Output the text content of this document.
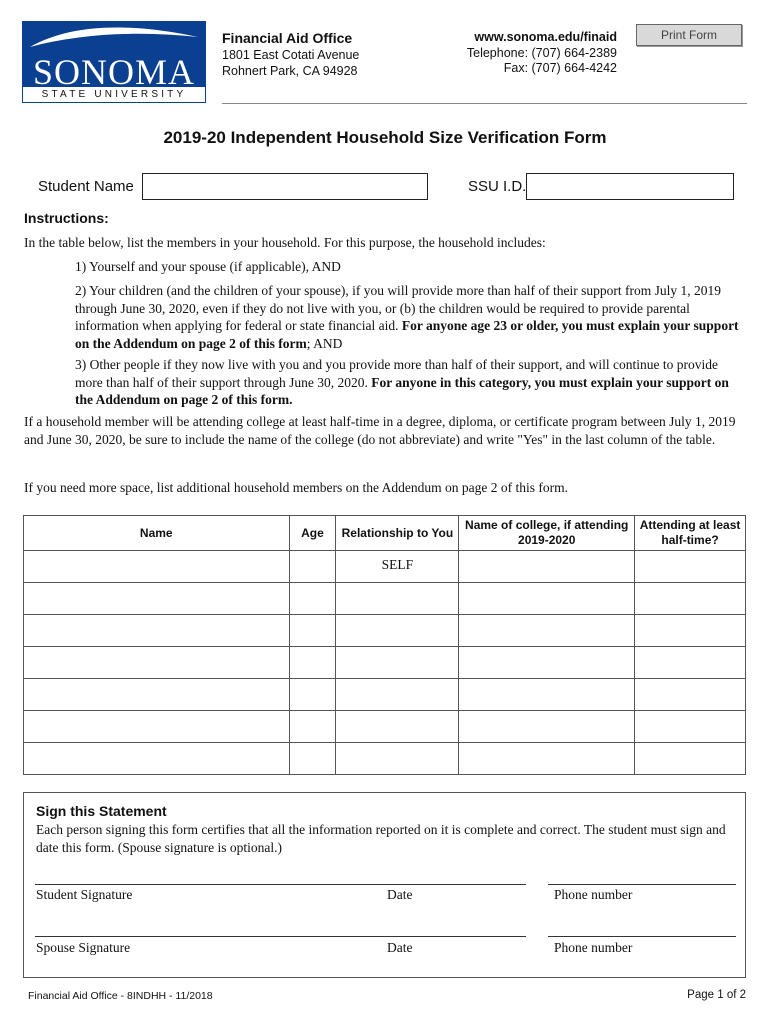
SONOMA
STATE UNIVERSITY
Financial Aid Office
1801 East Cotati Avenue
Rohnert Park, CA 94928
www.sonoma.edu/finaid
Telephone: (707) 664-2389
Fax: (707) 664-4242
Print Form
2019-20 Independent Household Size Verification Form
Student Name	SSU I.D.
Instructions:
In the table below, list the members in your household. For this purpose, the household includes:
1) Yourself and your spouse (if applicable), AND
2) Your children (and the children of your spouse), if you will provide more than half of their support from July 1, 2019 through June 30, 2020, even if they do not live with you, or (b) the children would be required to provide parental information when applying for federal or state financial aid. For anyone age 23 or older, you must explain your support on the Addendum on page 2 of this form; AND
3) Other people if they now live with you and you provide more than half of their support, and will continue to provide more than half of their support through June 30, 2020. For anyone in this category, you must explain your support on the Addendum on page 2 of this form.
If a household member will be attending college at least half-time in a degree, diploma, or certificate program between July 1, 2019 and June 30, 2020, be sure to include the name of the college (do not abbreviate) and write "Yes" in the last column of the table.
If you need more space, list additional household members on the Addendum on page 2 of this form.
Name	Age	Relationship to You	Name of college, if attending 2019-2020	Attending at least half-time?
		SELF		

Sign this Statement
Each person signing this form certifies that all the information reported on it is complete and correct. The student must sign and date this form. (Spouse signature is optional.)
Student Signature	Date	Phone number
Spouse Signature	Date	Phone number
Financial Aid Office - 8INDHH - 11/2018	Page 1 of 2
